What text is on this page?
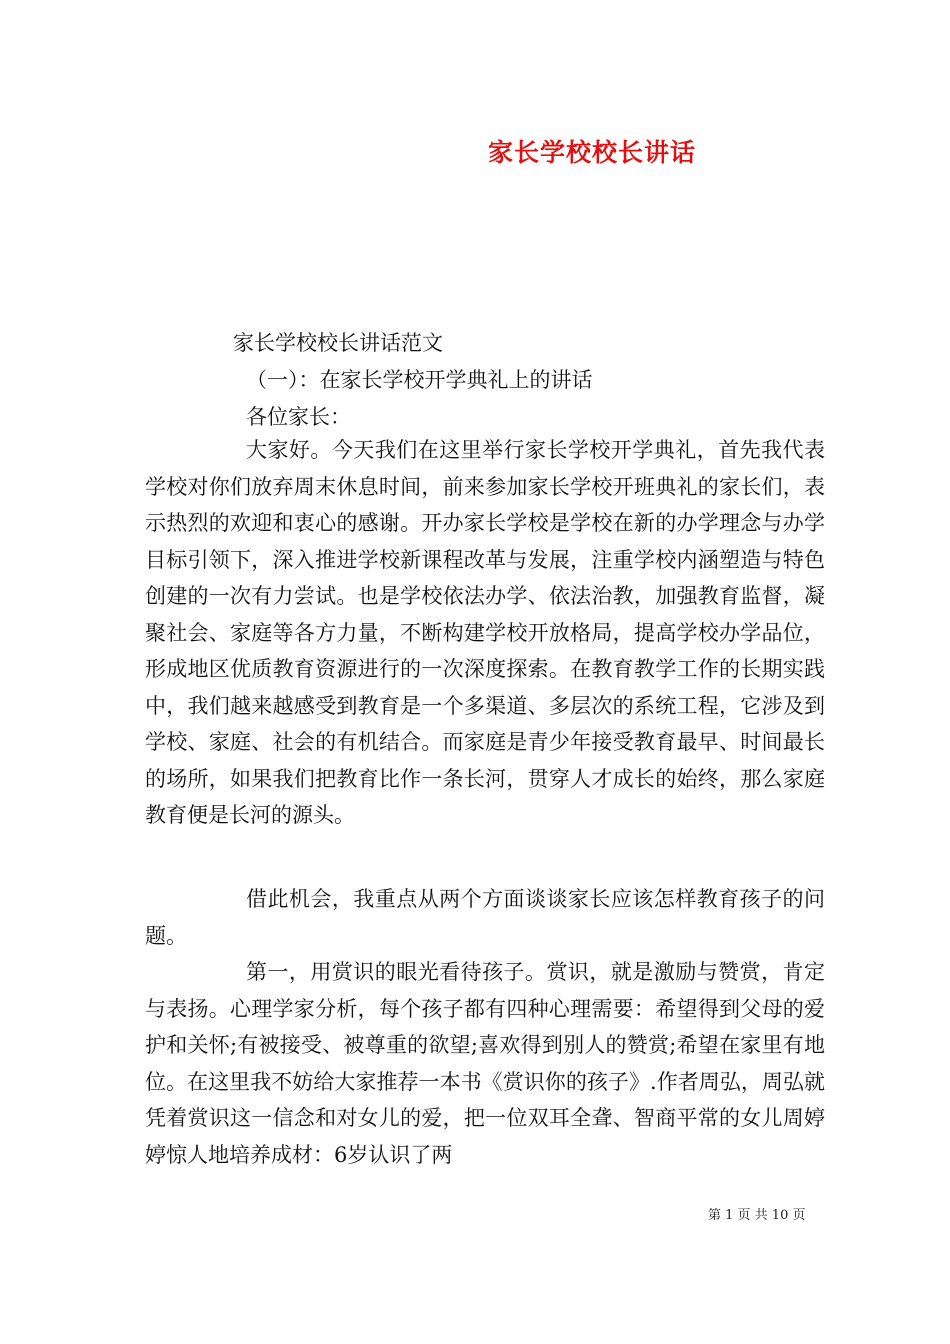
家长学校校长讲话
家长学校校长讲话范文
（一）：在家长学校开学典礼上的讲话
各位家长：
大家好。今天我们在这里举行家长学校开学典礼，首先我代表学校对你们放弃周末休息时间，前来参加家长学校开班典礼的家长们，表示热烈的欢迎和衷心的感谢。开办家长学校是学校在新的办学理念与办学目标引领下，深入推进学校新课程改革与发展，注重学校内涵塑造与特色创建的一次有力尝试。也是学校依法办学、依法治教，加强教育监督，凝聚社会、家庭等各方力量，不断构建学校开放格局，提高学校办学品位，形成地区优质教育资源进行的一次深度探索。在教育教学工作的长期实践中，我们越来越感受到教育是一个多渠道、多层次的系统工程，它涉及到学校、家庭、社会的有机结合。而家庭是青少年接受教育最早、时间最长的场所，如果我们把教育比作一条长河，贯穿人才成长的始终，那么家庭教育便是长河的源头。
借此机会，我重点从两个方面谈谈家长应该怎样教育孩子的问题。
第一，用赏识的眼光看待孩子。赏识，就是激励与赞赏，肯定与表扬。心理学家分析，每个孩子都有四种心理需要：希望得到父母的爱护和关怀;有被接受、被尊重的欲望;喜欢得到别人的赞赏;希望在家里有地位。在这里我不妨给大家推荐一本书《赏识你的孩子》.作者周弘，周弘就凭着赏识这一信念和对女儿的爱，把一位双耳全聋、智商平常的女儿周婷婷惊人地培养成材：6岁认识了两
第 1 页 共 10 页
